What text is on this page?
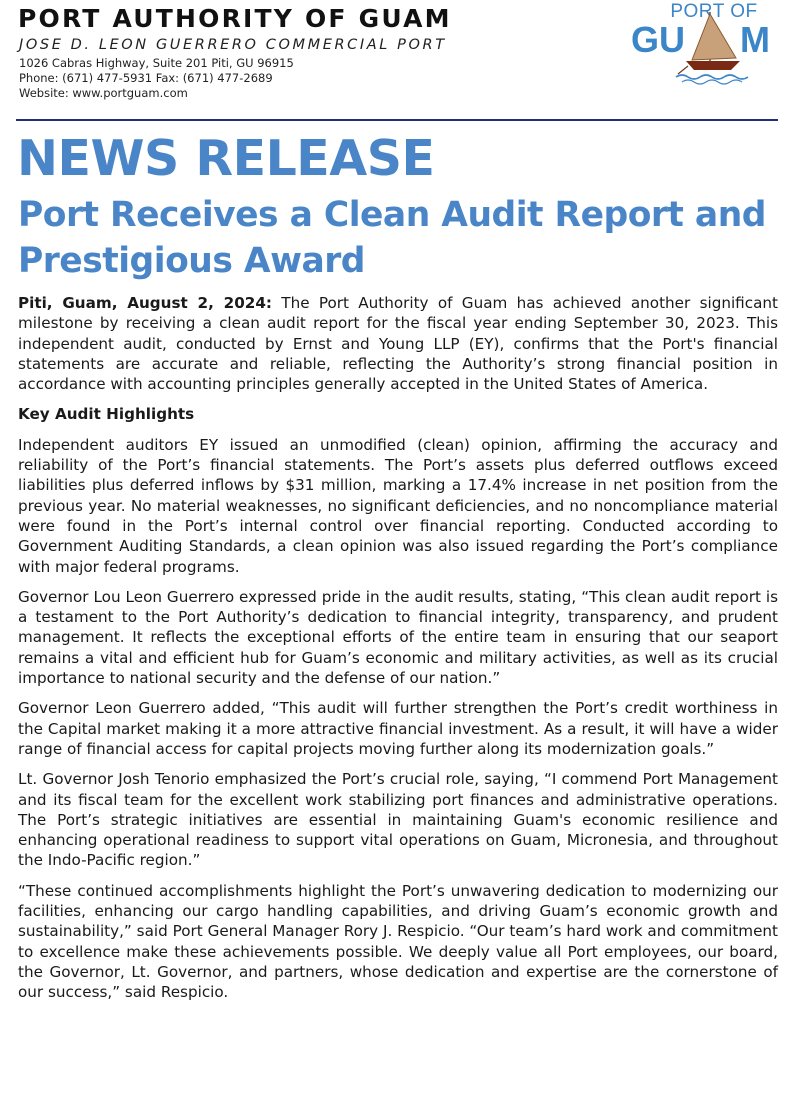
PORT AUTHORITY OF GUAM
JOSE D. LEON GUERRERO COMMERCIAL PORT
1026 Cabras Highway, Suite 201 Piti, GU 96915
Phone: (671) 477-5931 Fax: (671) 477-2689
Website: www.portguam.com
PORT OF
GU M
NEWS RELEASE
Port Receives a Clean Audit Report and Prestigious Award

Piti, Guam, August 2, 2024: The Port Authority of Guam has achieved another significant milestone by receiving a clean audit report for the fiscal year ending September 30, 2023. This independent audit, conducted by Ernst and Young LLP (EY), confirms that the Port's financial statements are accurate and reliable, reflecting the Authority’s strong financial position in accordance with accounting principles generally accepted in the United States of America.

Key Audit Highlights

Independent auditors EY issued an unmodified (clean) opinion, affirming the accuracy and reliability of the Port’s financial statements. The Port’s assets plus deferred outflows exceed liabilities plus deferred inflows by $31 million, marking a 17.4% increase in net position from the previous year. No material weaknesses, no significant deficiencies, and no noncompliance material were found in the Port’s internal control over financial reporting. Conducted according to Government Auditing Standards, a clean opinion was also issued regarding the Port’s compliance with major federal programs.

Governor Lou Leon Guerrero expressed pride in the audit results, stating, “This clean audit report is a testament to the Port Authority’s dedication to financial integrity, transparency, and prudent management. It reflects the exceptional efforts of the entire team in ensuring that our seaport remains a vital and efficient hub for Guam’s economic and military activities, as well as its crucial importance to national security and the defense of our nation.”

Governor Leon Guerrero added, “This audit will further strengthen the Port’s credit worthiness in the Capital market making it a more attractive financial investment. As a result, it will have a wider range of financial access for capital projects moving further along its modernization goals.”

Lt. Governor Josh Tenorio emphasized the Port’s crucial role, saying, “I commend Port Management and its fiscal team for the excellent work stabilizing port finances and administrative operations. The Port’s strategic initiatives are essential in maintaining Guam's economic resilience and enhancing operational readiness to support vital operations on Guam, Micronesia, and throughout the Indo-Pacific region.”

“These continued accomplishments highlight the Port’s unwavering dedication to modernizing our facilities, enhancing our cargo handling capabilities, and driving Guam’s economic growth and sustainability,” said Port General Manager Rory J. Respicio. “Our team’s hard work and commitment to excellence make these achievements possible. We deeply value all Port employees, our board, the Governor, Lt. Governor, and partners, whose dedication and expertise are the cornerstone of our success,” said Respicio.
